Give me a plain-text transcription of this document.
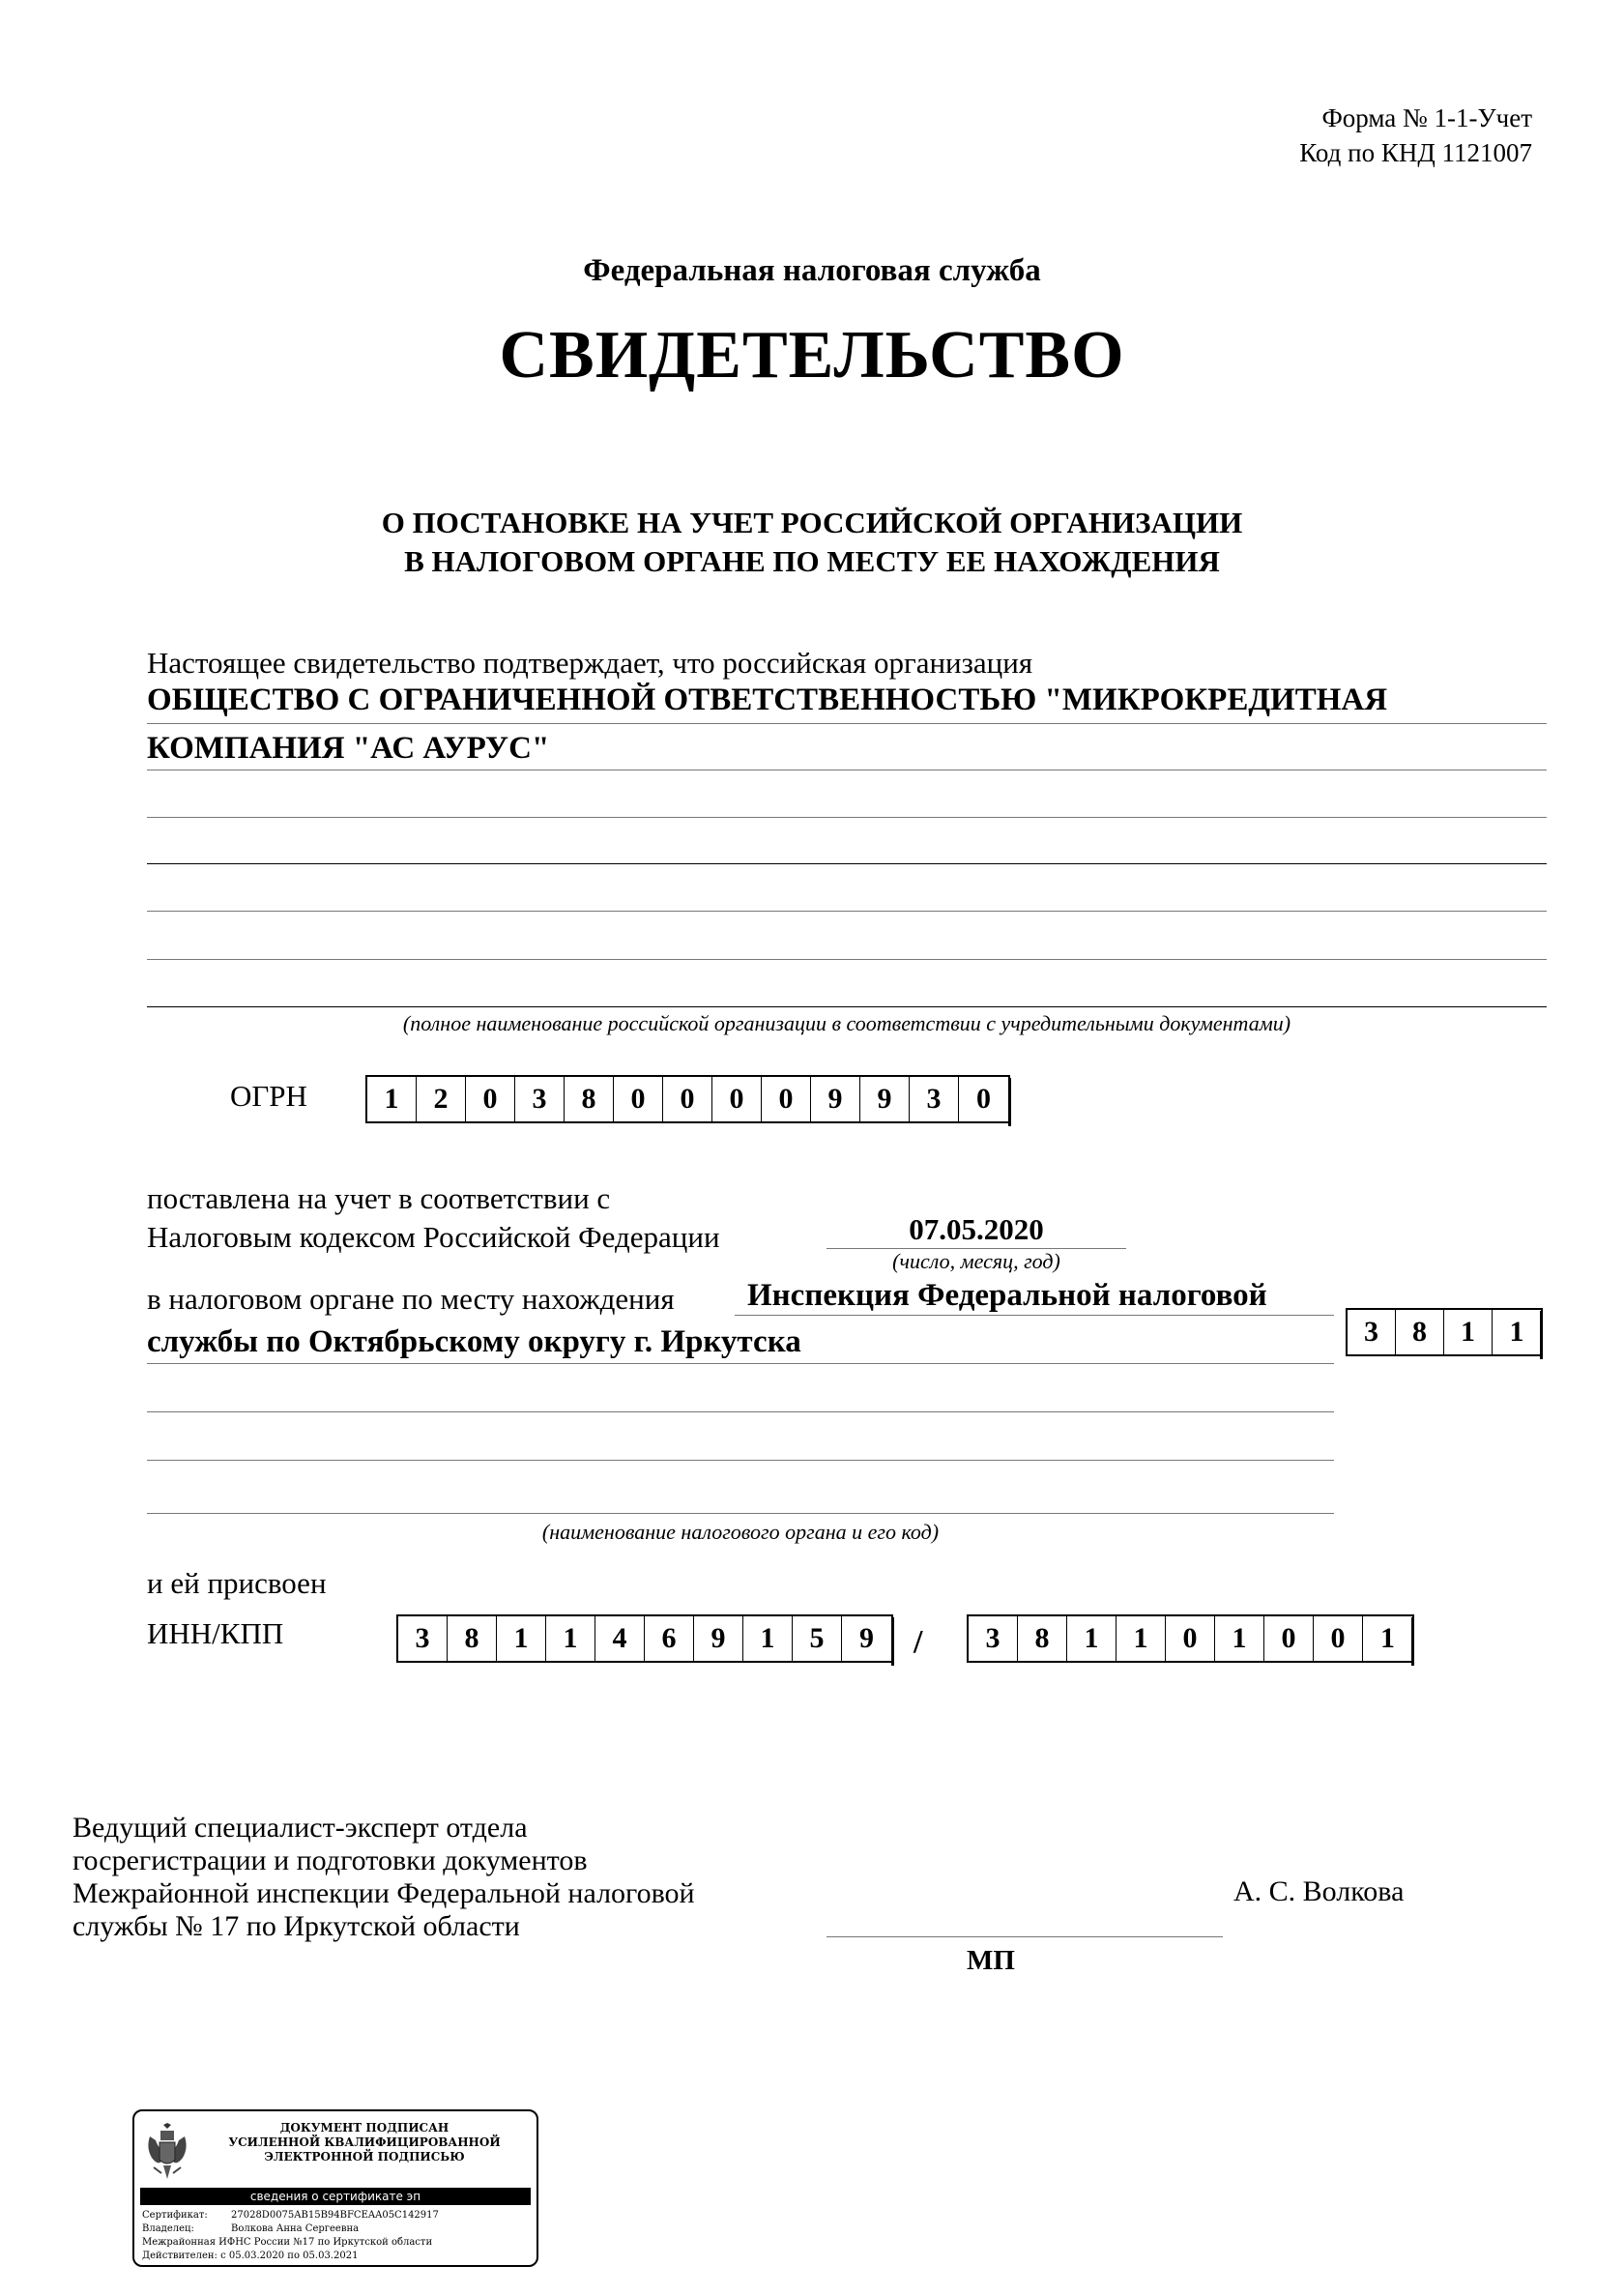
Форма № 1-1-Учет
Код по КНД 1121007
Федеральная налоговая служба
СВИДЕТЕЛЬСТВО
О ПОСТАНОВКЕ НА УЧЕТ РОССИЙСКОЙ ОРГАНИЗАЦИИ
В НАЛОГОВОМ ОРГАНЕ ПО МЕСТУ ЕЕ НАХОЖДЕНИЯ
Настоящее свидетельство подтверждает, что российская организация
ОБЩЕСТВО С ОГРАНИЧЕННОЙ ОТВЕТСТВЕННОСТЬЮ "МИКРОКРЕДИТНАЯ
КОМПАНИЯ "АС АУРУС"
(полное наименование российской организации в соответствии с учредительными документами)
ОГРН	1	2	0	3	8	0	0	0	0	9	9	3	0
поставлена на учет в соответствии с
Налоговым кодексом Российской Федерации	07.05.2020
(число, месяц, год)
в налоговом органе по месту нахождения Инспекция Федеральной налоговой
службы по Октябрьскому округу г. Иркутска	3	8	1	1
(наименование налогового органа и его код)
и ей присвоен
ИНН/КПП	3	8	1	1	4	6	9	1	5	9	/	3	8	1	1	0	1	0	0	1
Ведущий специалист-эксперт отдела
госрегистрации и подготовки документов
Межрайонной инспекции Федеральной налоговой
службы № 17 по Иркутской области
А. С. Волкова
МП
ДОКУМЕНТ ПОДПИСАН
УСИЛЕННОЙ КВАЛИФИЦИРОВАННОЙ
ЭЛЕКТРОННОЙ ПОДПИСЬЮ
сведения о сертификате эп
Сертификат: 27028D0075AB15B94BFCEAA05C142917
Владелец:	Волкова Анна Сергеевна
Межрайонная ИФНС России №17 по Иркутской области
Действителен: с 05.03.2020 по 05.03.2021
